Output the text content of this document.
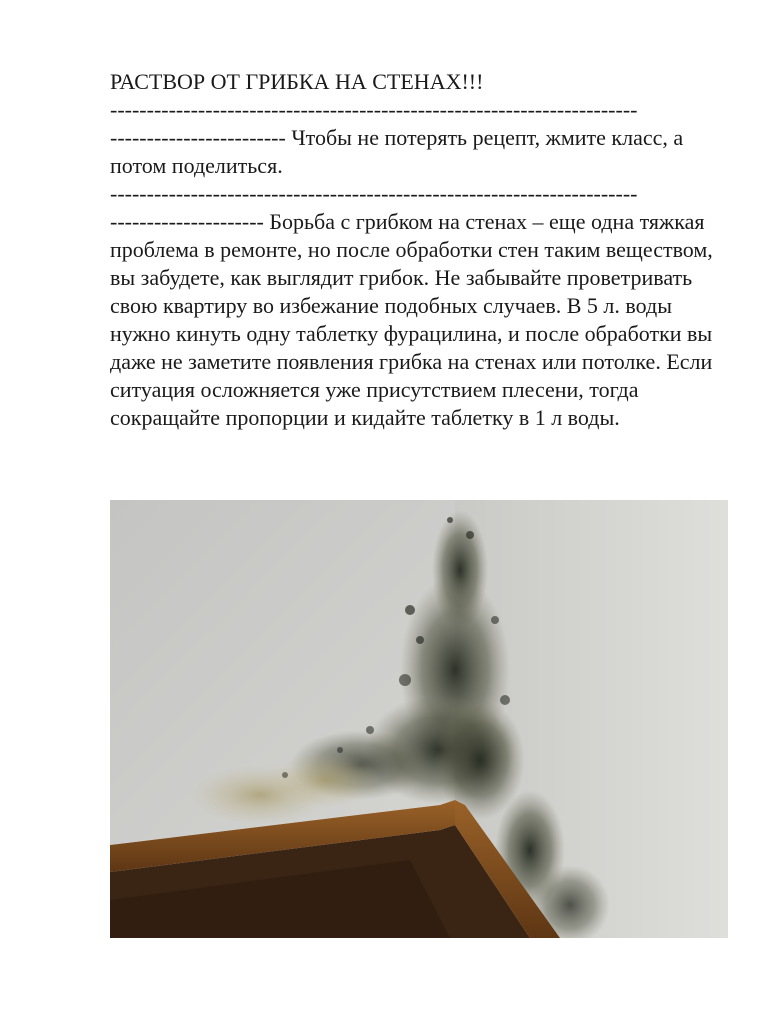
РАСТВОР ОТ ГРИБКА НА СТЕНАХ!!!

------------------------------------------------------------------------

------------------------ Чтобы не потерять рецепт, жмите класс, а потом поделиться.

------------------------------------------------------------------------

--------------------- Борьба с грибком на стенах – еще одна тяжкая проблема в ремонте, но после обработки стен таким веществом, вы забудете, как выглядит грибок. Не забывайте проветривать свою квартиру во избежание подобных случаев. В 5 л. воды нужно кинуть одну таблетку фурацилина, и после обработки вы даже не заметите появления грибка на стенах или потолке. Если ситуация осложняется уже присутствием плесени, тогда сокращайте пропорции и кидайте таблетку в 1 л воды.
